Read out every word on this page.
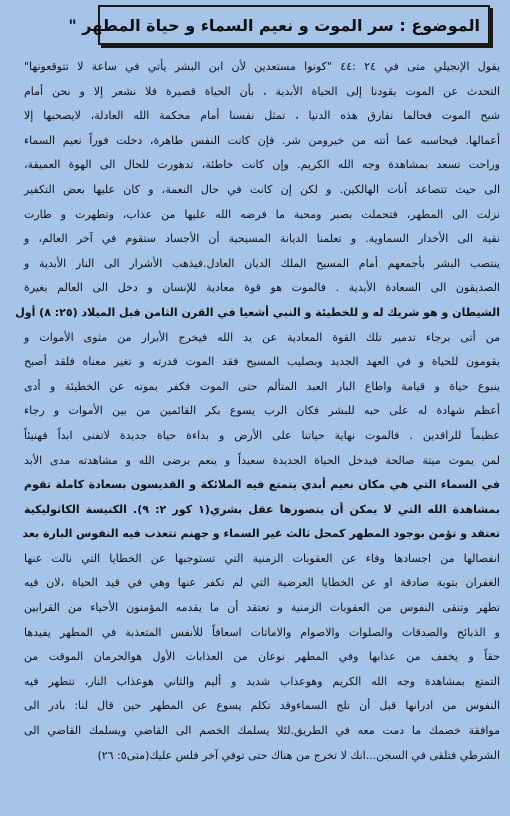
الموضوع : سر الموت و نعيم السماء و حياة المطهر "
يقول الإنجيلي متى في ٢٤ :٤٤ "كونوا مستعدين لأن ابن البشر يأتي في ساعة لا تتوقعونها"
التحدث عن الموت يقودنا إلى الحياة الأبدية ، بأن الحياة قصيرة فلا نشعر إلا و نحن أمام
شبح الموت فحالما نفارق هذه الدنيا ، تمثل نفسنا أمام محكمة الله العادلة، لايصحبها إلا
أعمالها. فيحاسبه عما أتته من خيرومن شر. فإن كانت النفس طاهرة، دخلت فوراً نعيم السماء
وراحت تسعد بمشاهدة وجه الله الكريم. وإن كانت خاطئة، تدهورت للحال الى الهوة العميقة،
الى حيث تتصاعد أنات الهالكين. و لكن إن كانت في حال النعمة، و كان عليها بعض التكفير
نزلت الى المطهر، فتحملت بصبر ومحبة ما فرضه الله عليها من عذاب، وتطهرت و طارت
نقية الى الأخدار السماوية. و تعلمنا الديانة المسيحية أن الأجساد ستقوم في آخر العالم، و
ينتصب البشر بأجمعهم أمام المسيح الملك الديان العادل.فيذهب الأشرار الى النار الأبدية و
الصديقون الى السعادة الأبدية . فالموت هو قوة معادية للإنسان و دخل الى العالم بغيرة
الشيطان و هو شريك له و للخطيئة و النبي أشعيا في القرن الثامن قبل الميلاد (٢٥: ٨) أول
من أتى برجاء تدمير تلك القوة المعادية عن يد الله فيخرج الأبرار من مثوى الأموات و
يقومون للحياة و في العهد الجديد وبصليب المسيح فقد الموت قدرته و تغير معناه فلقد أصبح
ينبوع حياة و قيامة واطاع البار العبد المتألم حتى الموت فكفر بموته عن الخطيئة و أدى
أعظم شهادة له على حبه للبشر فكان الرب يسوع بكر القائمين من بين الأموات و رجاء
عظيماً للراقدين . فالموت نهاية حياتنا على الأرض و بداءة حياة جديدة لاتفنى ابداً فهنيئاً
لمن يموت ميتة صالحة فيدخل الحياة الجديدة سعيداً و ينعم برضى الله و مشاهدته مدى الأبد
في السماء التي هي مكان نعيم أبدي يتمتع فيه الملائكة و القديسون بسعادة كاملة تقوم
بمشاهدة الله التي لا يمكن أن يتصورها عقل بشري(١ كور ٢: ٩). الكنيسة الكاثوليكية
تعتقد و تؤمن بوجود المطهر كمحل ثالث غير السماء و جهنم تتعذب فيه النفوس البارة بعد
انفصالها من اجسادها وفاء عن العقوبات الزمنية التي تستوجبها عن الخطايا التي نالت عنها
الغفران بتوبة صادقة او عن الخطايا العرضية التي لم تكفر عنها وهي في قيد الحياة ،لان فيه
تطهر وتنقى النفوس من العقوبات الزمنية و تعتقد أن ما يقدمه المؤمنون الأحياء من القرابين
و الذبائح والصدقات والصلوات والاصوام والاماتات اسعافاً للأنفس المتعذبة في المطهر يفيدها
حقاً و يخفف من عذابها وفي المطهر نوعان من العذابات الأول هوالحرمان الموقت من
التمتع بمشاهدة وجه الله الكريم وهوعذاب شديد و أليم والثاني هوعذاب النار، تتطهر فيه
النفوس من ادرانها قبل أن تلج السماءوقد تكلم يسوع عن المطهر حين قال لنا: بادر الى
موافقة خصمك ما دمت معه في الطريق.لئلا يسلمك الخصم الى القاضي ويسلمك القاضي الى
الشرطي فتلقى في السجن...انك لا تخرج من هناك حتى توفي آخر فلس عليك(متى٥: ٢٦)
